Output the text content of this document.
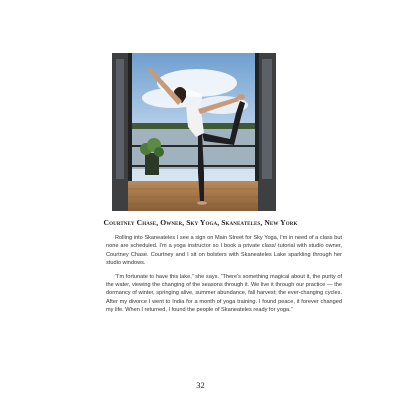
Courtney Chase, Owner, Sky Yoga, Skaneateles, New York

Rolling into Skaneateles I see a sign on Main Street for Sky Yoga, I'm in need of a class but none are scheduled. I'm a yoga instructor so I book a private class/ tutorial with studio owner, Courtney Chase. Courtney and I sit on bolsters with Skaneateles Lake sparkling through her studio windows.

“I'm fortunate to have this lake,” she says. “There's something magical about it, the purity of the water, viewing the changing of the seasons through it. We live it through our practice — the dormancy of winter, springing alive, summer abundance, fall harvest; the ever-changing cycles. After my divorce I went to India for a month of yoga training. I found peace, it forever changed my life. When I returned, I found the people of Skaneateles ready for yoga.”

32
